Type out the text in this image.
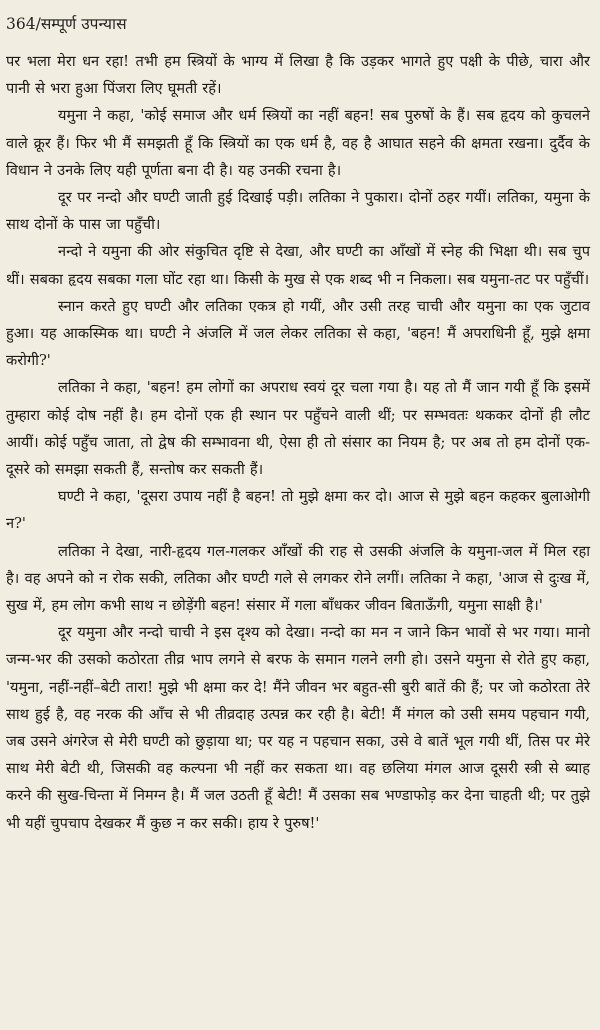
364/सम्पूर्ण उपन्यास

पर भला मेरा धन रहा! तभी हम स्त्रियों के भाग्य में लिखा है कि उड़कर भागते हुए पक्षी के पीछे, चारा और पानी से भरा हुआ पिंजरा लिए घूमती रहें।

यमुना ने कहा, 'कोई समाज और धर्म स्त्रियों का नहीं बहन! सब पुरुषों के हैं। सब हृदय को कुचलने वाले क्रूर हैं। फिर भी मैं समझती हूँ कि स्त्रियों का एक धर्म है, वह है आघात सहने की क्षमता रखना। दुर्दैव के विधान ने उनके लिए यही पूर्णता बना दी है। यह उनकी रचना है।

दूर पर नन्दो और घण्टी जाती हुई दिखाई पड़ी। लतिका ने पुकारा। दोनों ठहर गयीं। लतिका, यमुना के साथ दोनों के पास जा पहुँची।

नन्दो ने यमुना की ओर संकुचित दृष्टि से देखा, और घण्टी का आँखों में स्नेह की भिक्षा थी। सब चुप थीं। सबका हृदय सबका गला घोंट रहा था। किसी के मुख से एक शब्द भी न निकला। सब यमुना-तट पर पहुँचीं।

स्नान करते हुए घण्टी और लतिका एकत्र हो गयीं, और उसी तरह चाची और यमुना का एक जुटाव हुआ। यह आकस्मिक था। घण्टी ने अंजलि में जल लेकर लतिका से कहा, 'बहन! मैं अपराधिनी हूँ, मुझे क्षमा करोगी?'

लतिका ने कहा, 'बहन! हम लोगों का अपराध स्वयं दूर चला गया है। यह तो मैं जान गयी हूँ कि इसमें तुम्हारा कोई दोष नहीं है। हम दोनों एक ही स्थान पर पहुँचने वाली थीं; पर सम्भवतः थककर दोनों ही लौट आयीं। कोई पहुँच जाता, तो द्वेष की सम्भावना थी, ऐसा ही तो संसार का नियम है; पर अब तो हम दोनों एक-दूसरे को समझा सकती हैं, सन्तोष कर सकती हैं।

घण्टी ने कहा, 'दूसरा उपाय नहीं है बहन! तो मुझे क्षमा कर दो। आज से मुझे बहन कहकर बुलाओगी न?'

लतिका ने देखा, नारी-हृदय गल-गलकर आँखों की राह से उसकी अंजलि के यमुना-जल में मिल रहा है। वह अपने को न रोक सकी, लतिका और घण्टी गले से लगकर रोने लगीं। लतिका ने कहा, 'आज से दुःख में, सुख में, हम लोग कभी साथ न छोड़ेंगी बहन! संसार में गला बाँधकर जीवन बिताऊँगी, यमुना साक्षी है।'

दूर यमुना और नन्दो चाची ने इस दृश्य को देखा। नन्दो का मन न जाने किन भावों से भर गया। मानो जन्म-भर की उसको कठोरता तीव्र भाप लगने से बरफ के समान गलने लगी हो। उसने यमुना से रोते हुए कहा, 'यमुना, नहीं-नहीं–बेटी तारा! मुझे भी क्षमा कर दे! मैंने जीवन भर बहुत-सी बुरी बातें की हैं; पर जो कठोरता तेरे साथ हुई है, वह नरक की आँच से भी तीव्रदाह उत्पन्न कर रही है। बेटी! मैं मंगल को उसी समय पहचान गयी, जब उसने अंगरेज से मेरी घण्टी को छुड़ाया था; पर यह न पहचान सका, उसे वे बातें भूल गयी थीं, तिस पर मेरे साथ मेरी बेटी थी, जिसकी वह कल्पना भी नहीं कर सकता था। वह छलिया मंगल आज दूसरी स्त्री से ब्याह करने की सुख-चिन्ता में निमग्न है। मैं जल उठती हूँ बेटी! मैं उसका सब भण्डाफोड़ कर देना चाहती थी; पर तुझे भी यहीं चुपचाप देखकर मैं कुछ न कर सकी। हाय रे पुरुष!'
